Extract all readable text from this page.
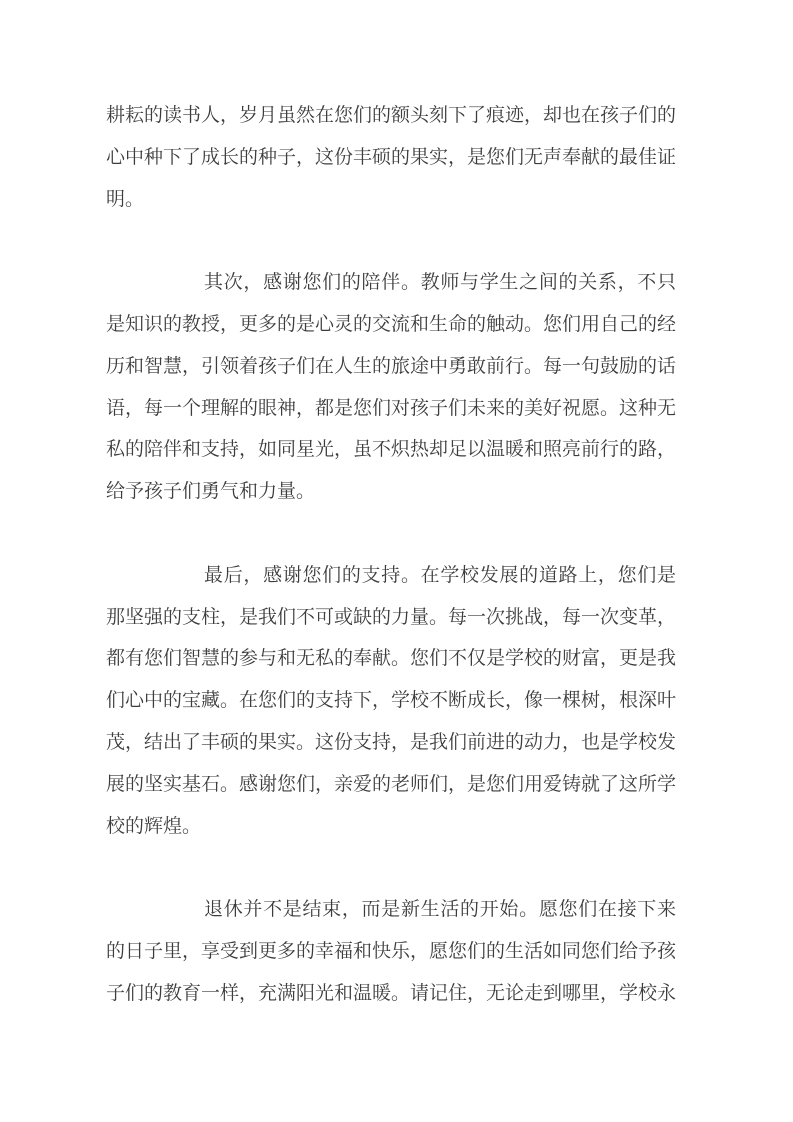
耕耘的读书人，岁月虽然在您们的额头刻下了痕迹，却也在孩子们的心中种下了成长的种子，这份丰硕的果实，是您们无声奉献的最佳证明。

其次，感谢您们的陪伴。教师与学生之间的关系，不只是知识的教授，更多的是心灵的交流和生命的触动。您们用自己的经历和智慧，引领着孩子们在人生的旅途中勇敢前行。每一句鼓励的话语，每一个理解的眼神，都是您们对孩子们未来的美好祝愿。这种无私的陪伴和支持，如同星光，虽不炽热却足以温暖和照亮前行的路，给予孩子们勇气和力量。

最后，感谢您们的支持。在学校发展的道路上，您们是那坚强的支柱，是我们不可或缺的力量。每一次挑战，每一次变革，都有您们智慧的参与和无私的奉献。您们不仅是学校的财富，更是我们心中的宝藏。在您们的支持下，学校不断成长，像一棵树，根深叶茂，结出了丰硕的果实。这份支持，是我们前进的动力，也是学校发展的坚实基石。感谢您们，亲爱的老师们，是您们用爱铸就了这所学校的辉煌。

退休并不是结束，而是新生活的开始。愿您们在接下来的日子里，享受到更多的幸福和快乐，愿您们的生活如同您们给予孩子们的教育一样，充满阳光和温暖。请记住，无论走到哪里，学校永
